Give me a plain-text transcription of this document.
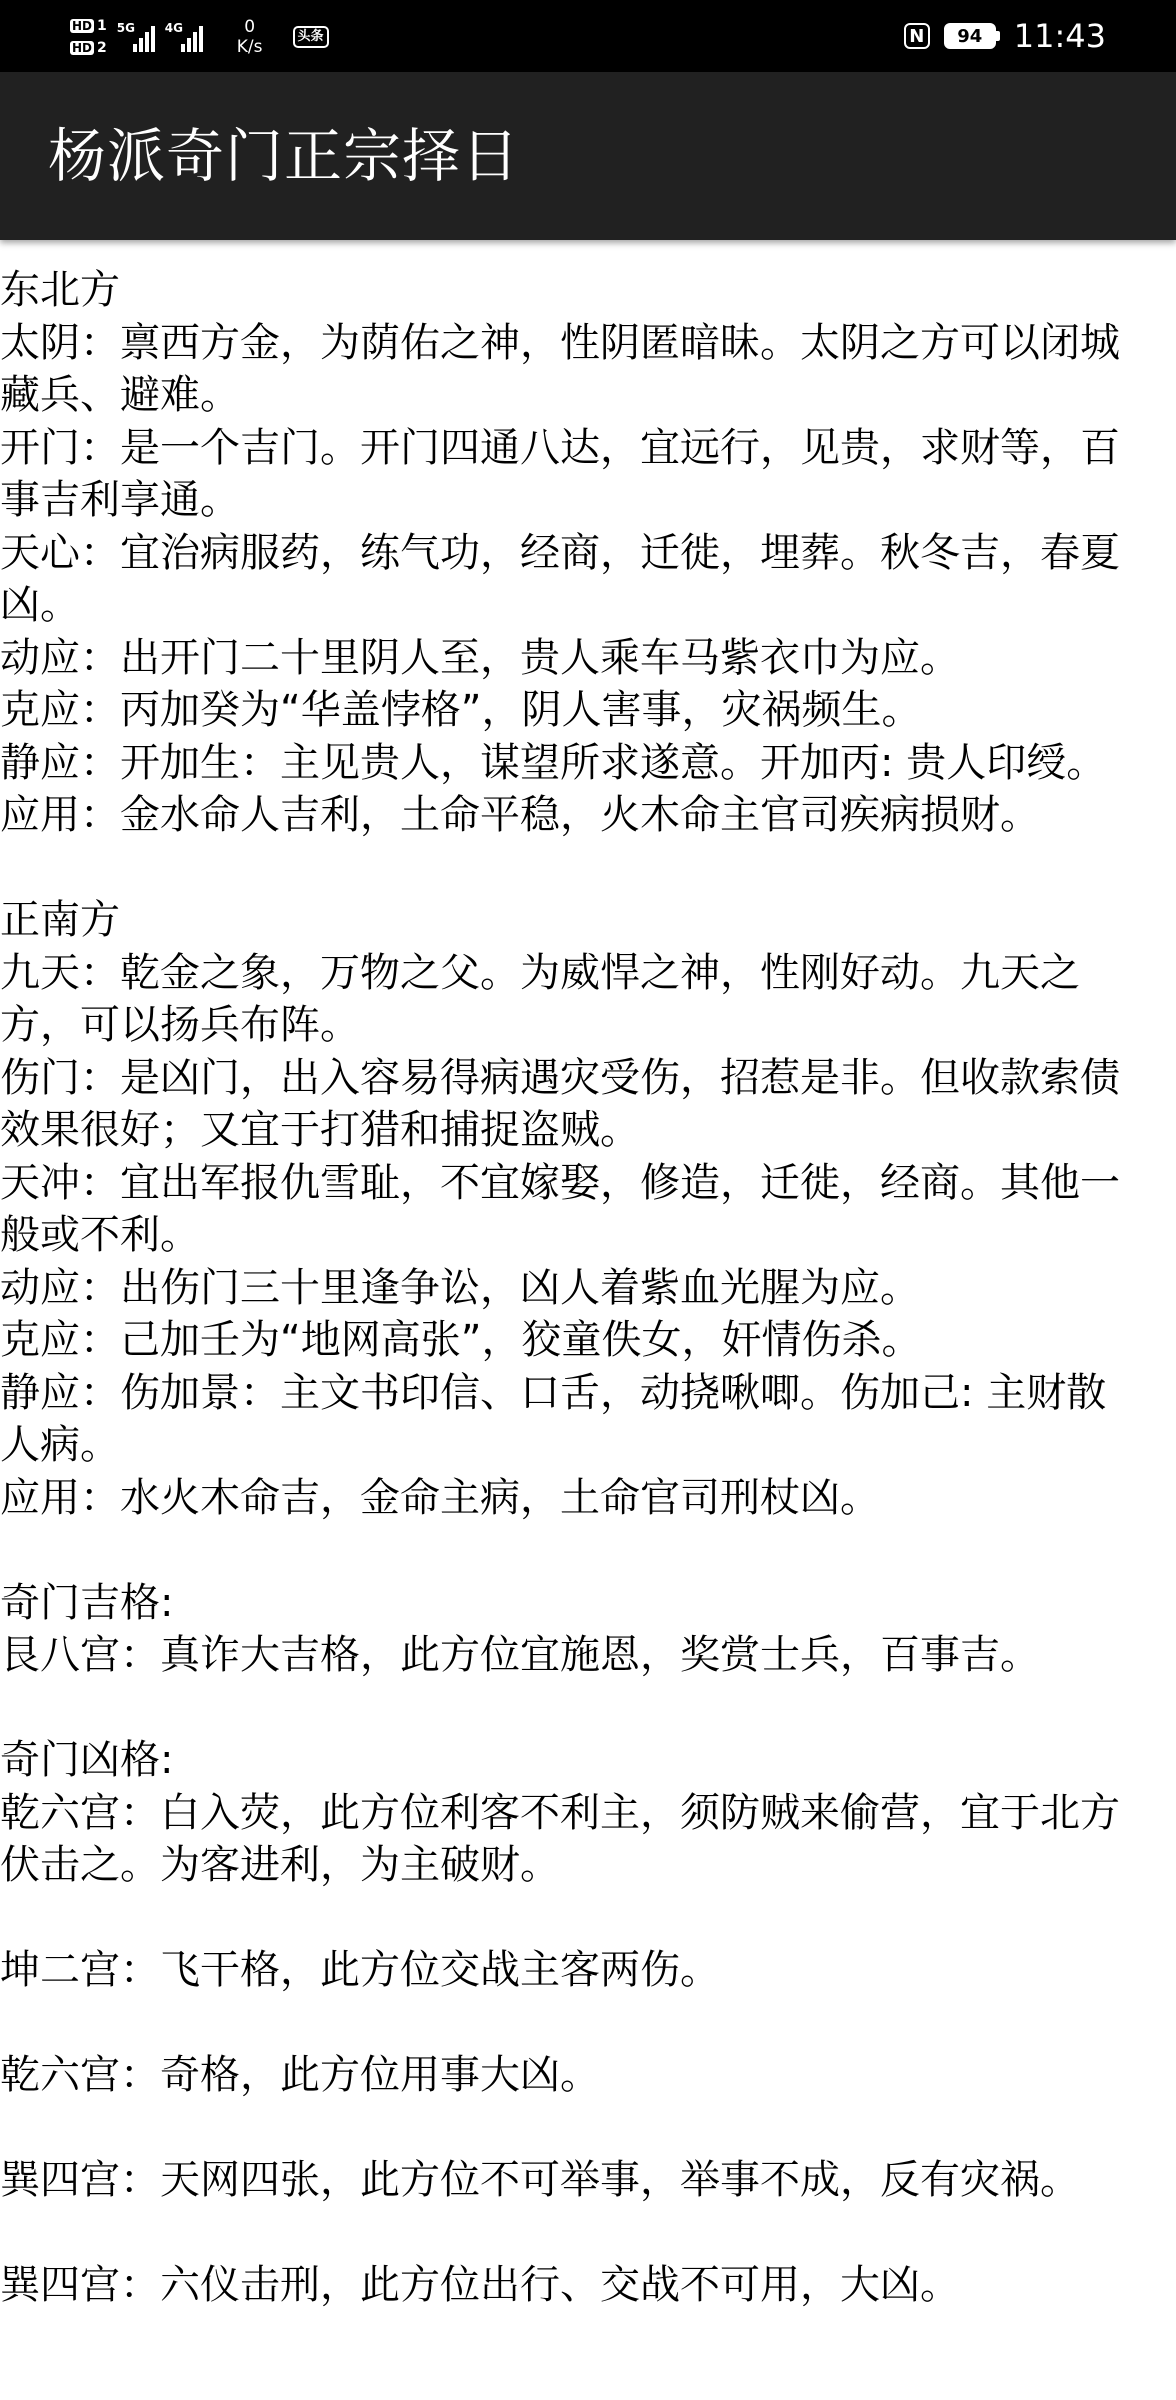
HD 1
HD 2
5G 4G	0
K/s
头条	N	94 11:43
杨派奇门正宗择日
东北方
太阴：禀西方金，为荫佑之神，性阴匿暗昧。太阴之方可以闭城
藏兵、避难。
开门：是一个吉门。开门四通八达，宜远行，见贵，求财等，百
事吉利享通。
天心：宜治病服药，练气功，经商，迁徙，埋葬。秋冬吉，春夏
凶。
动应：出开门二十里阴人至，贵人乘车马紫衣巾为应。
克应：丙加癸为“华盖悖格”，阴人害事，灾祸频生。
静应：开加生：主见贵人，谋望所求遂意。开加丙: 贵人印绶。
应用：金水命人吉利，土命平稳，火木命主官司疾病损财。
正南方
九天：乾金之象，万物之父。为威悍之神，性刚好动。九天之
方，可以扬兵布阵。
伤门：是凶门，出入容易得病遇灾受伤，招惹是非。但收款索债
效果很好；又宜于打猎和捕捉盗贼。
天冲：宜出军报仇雪耻，不宜嫁娶，修造，迁徙，经商。其他一
般或不利。
动应：出伤门三十里逢争讼，凶人着紫血光腥为应。
克应：己加壬为“地网高张”，狡童佚女，奸情伤杀。
静应：伤加景：主文书印信、口舌，动挠啾唧。伤加己: 主财散
人病。
应用：水火木命吉，金命主病，土命官司刑杖凶。
奇门吉格:
艮八宫：真诈大吉格，此方位宜施恩，奖赏士兵，百事吉。
奇门凶格:
乾六宫：白入荧，此方位利客不利主，须防贼来偷营，宜于北方
伏击之。为客进利，为主破财。
坤二宫：飞干格，此方位交战主客两伤。
乾六宫：奇格，此方位用事大凶。
巽四宫：天网四张，此方位不可举事，举事不成，反有灾祸。
巽四宫：六仪击刑，此方位出行、交战不可用，大凶。
